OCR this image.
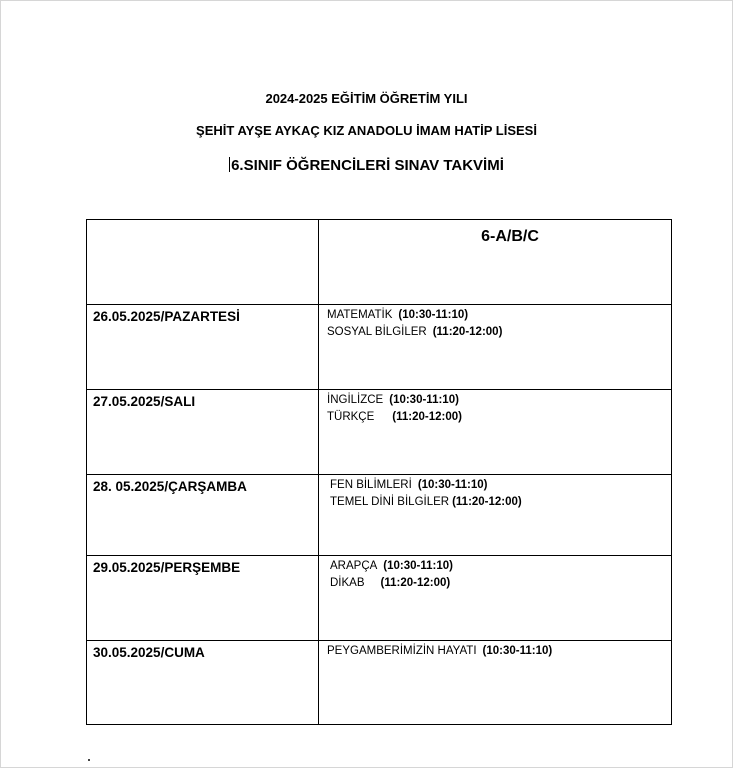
2024-2025 EĞİTİM ÖĞRETİM YILI
ŞEHİT AYŞE AYKAÇ KIZ ANADOLU İMAM HATİP LİSESİ
6.SINIF ÖĞRENCİLERİ SINAV TAKVİMİ

	6-A/B/C

26.05.2025/PAZARTESİ	MATEMATİK (10:30-11:10)
SOSYAL BİLGİLER (11:20-12:00)

27.05.2025/SALI	İNGİLİZCE (10:30-11:10)
TÜRKÇE (11:20-12:00)

28. 05.2025/ÇARŞAMBA	FEN BİLİMLERİ (10:30-11:10)
TEMEL DİNİ BİLGİLER (11:20-12:00)

29.05.2025/PERŞEMBE	ARAPÇA (10:30-11:10)
DİKAB (11:20-12:00)

30.05.2025/CUMA	PEYGAMBERİMİZİN HAYATI (10:30-11:10)
